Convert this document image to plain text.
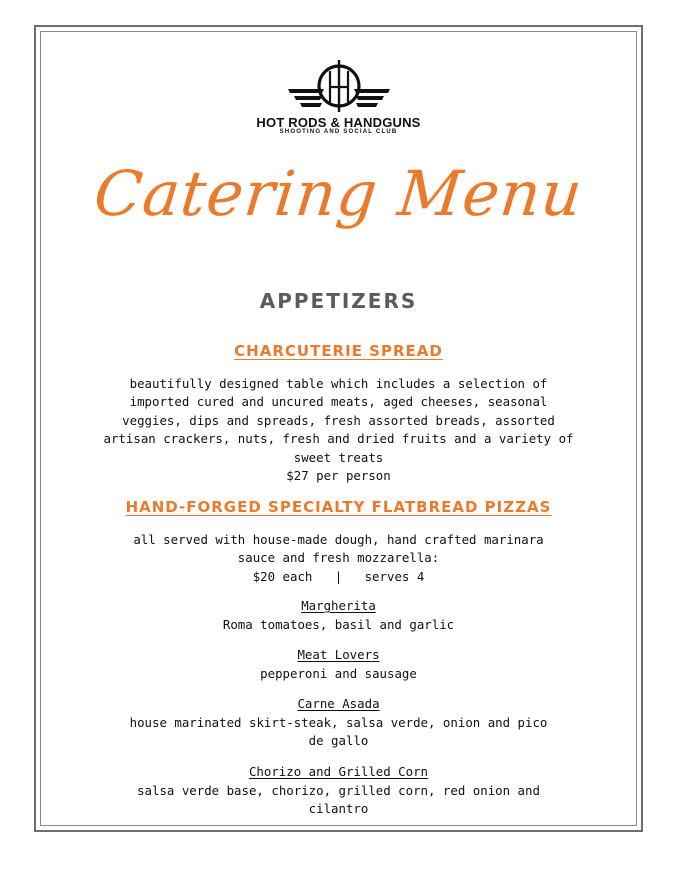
HOT RODS & HANDGUNS
SHOOTING AND SOCIAL CLUB
Catering Menu
APPETIZERS
CHARCUTERIE SPREAD
beautifully designed table which includes a selection of imported cured and uncured meats, aged cheeses, seasonal veggies, dips and spreads, fresh assorted breads, assorted artisan crackers, nuts, fresh and dried fruits and a variety of sweet treats
$27 per person
HAND-FORGED SPECIALTY FLATBREAD PIZZAS
all served with house-made dough, hand crafted marinara sauce and fresh mozzarella:
$20 each   |   serves 4
Margherita
Roma tomatoes, basil and garlic
Meat Lovers
pepperoni and sausage
Carne Asada
house marinated skirt-steak, salsa verde, onion and pico de gallo
Chorizo and Grilled Corn
salsa verde base, chorizo, grilled corn, red onion and cilantro
